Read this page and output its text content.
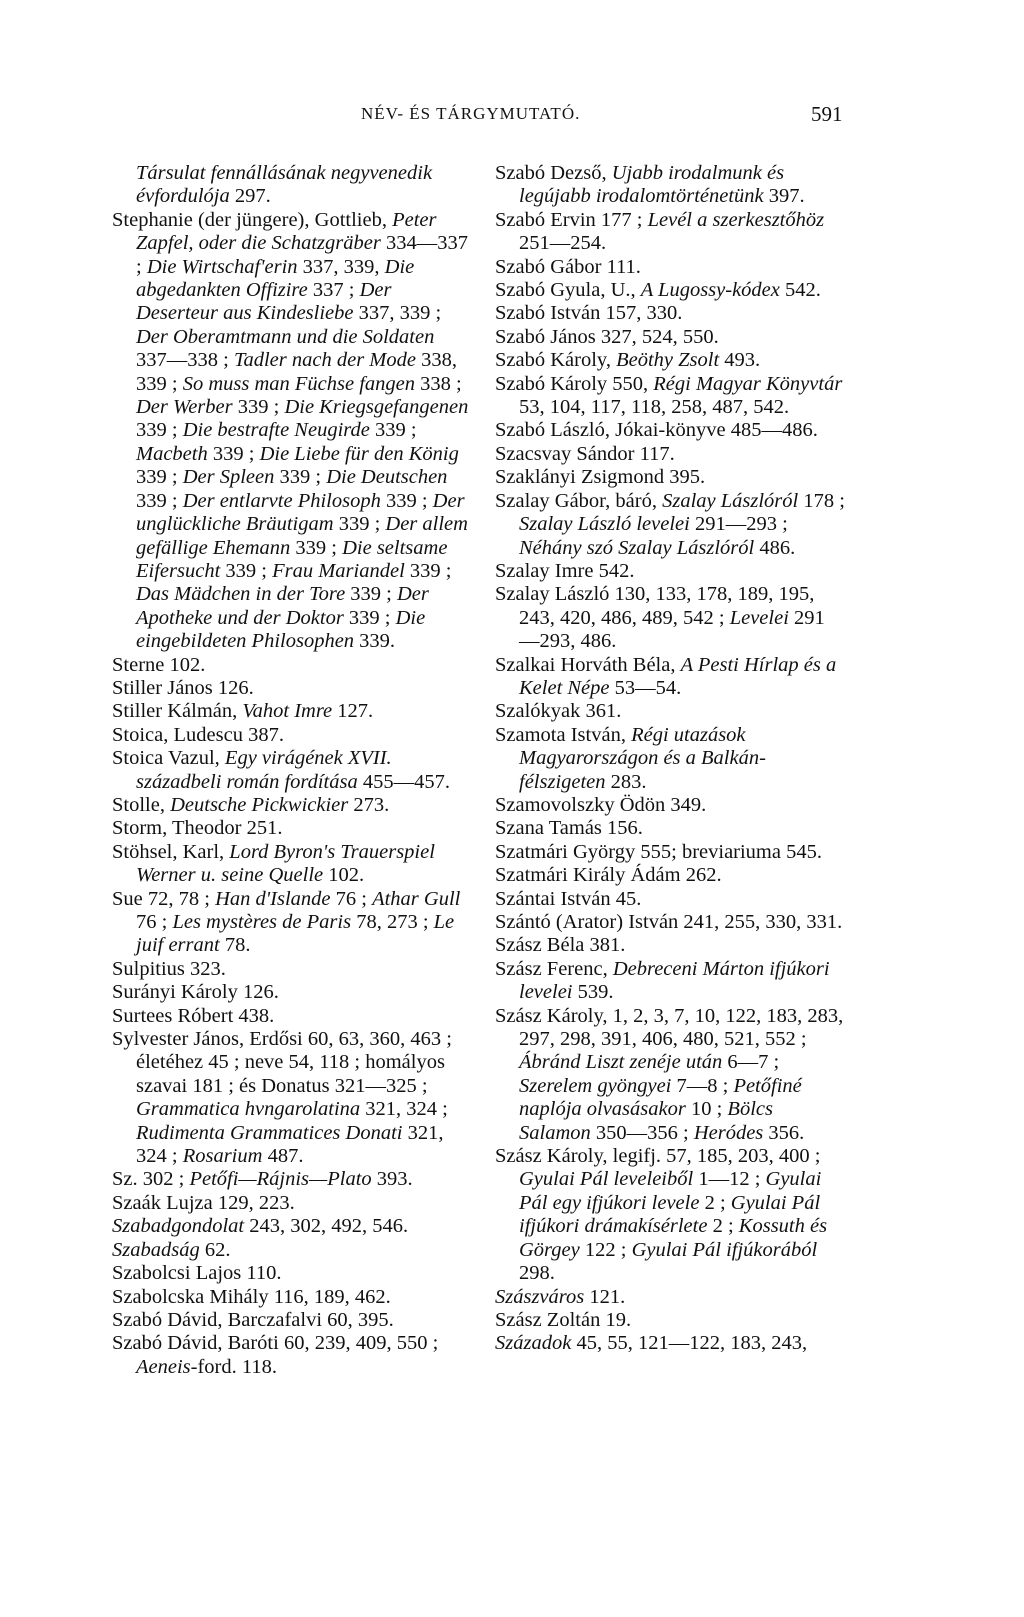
NÉV- ÉS TÁRGYMUTATÓ.	591

Társulat fennállásának negyvenedik évfordulója 297.

Stephanie (der jüngere), Gottlieb, Peter Zapfel, oder die Schatzgräber 334—337 ; Die Wirtschaf'erin 337, 339, Die abgedankten Offizire 337 ; Der Deserteur aus Kindesliebe 337, 339 ; Der Oberamtmann und die Soldaten 337—338 ; Tadler nach der Mode 338, 339 ; So muss man Füchse fangen 338 ; Der Werber 339 ; Die Kriegsgefangenen 339 ; Die bestrafte Neugirde 339 ; Macbeth 339 ; Die Liebe für den König 339 ; Der Spleen 339 ; Die Deutschen 339 ; Der entlarvte Philosoph 339 ; Der unglückliche Bräutigam 339 ; Der allem gefällige Ehemann 339 ; Die seltsame Eifersucht 339 ; Frau Mariandel 339 ; Das Mädchen in der Tore 339 ; Der Apotheke und der Doktor 339 ; Die eingebildeten Philosophen 339.

Sterne 102.

Stiller János 126.

Stiller Kálmán, Vahot Imre 127.

Stoica, Ludescu 387.

Stoica Vazul, Egy virágének XVII. századbeli román fordítása 455—457.

Stolle, Deutsche Pickwickier 273.

Storm, Theodor 251.

Stöhsel, Karl, Lord Byron's Trauerspiel Werner u. seine Quelle 102.

Sue 72, 78 ; Han d'Islande 76 ; Athar Gull 76 ; Les mystères de Paris 78, 273 ; Le juif errant 78.

Sulpitius 323.

Surányi Károly 126.

Surtees Róbert 438.

Sylvester János, Erdősi 60, 63, 360, 463 ; életéhez 45 ; neve 54, 118 ; homályos szavai 181 ; és Donatus 321—325 ; Grammatica hvngarolatina 321, 324 ; Rudimenta Grammatices Donati 321, 324 ; Rosarium 487.

Sz. 302 ; Petőfi—Rájnis—Plato 393.

Szaák Lujza 129, 223.

Szabadgondolat 243, 302, 492, 546.

Szabadság 62.

Szabolcsi Lajos 110.

Szabolcska Mihály 116, 189, 462.

Szabó Dávid, Barczafalvi 60, 395.

Szabó Dávid, Baróti 60, 239, 409, 550 ; Aeneis-ford. 118.

Szabó Dezső, Ujabb irodalmunk és legújabb irodalomtörténetünk 397.

Szabó Ervin 177 ; Levél a szerkesztőhöz 251—254.

Szabó Gábor 111.

Szabó Gyula, U., A Lugossy-kódex 542.

Szabó István 157, 330.

Szabó János 327, 524, 550.

Szabó Károly, Beöthy Zsolt 493.

Szabó Károly 550, Régi Magyar Könyvtár 53, 104, 117, 118, 258, 487, 542.

Szabó László, Jókai-könyve 485—486.

Szacsvay Sándor 117.

Szaklányi Zsigmond 395.

Szalay Gábor, báró, Szalay Lászlóról 178 ; Szalay László levelei 291—293 ; Néhány szó Szalay Lászlóról 486.

Szalay Imre 542.

Szalay László 130, 133, 178, 189, 195, 243, 420, 486, 489, 542 ; Levelei 291—293, 486.

Szalkai Horváth Béla, A Pesti Hírlap és a Kelet Népe 53—54.

Szalókyak 361.

Szamota István, Régi utazások Magyarországon és a Balkán-félszigeten 283.

Szamovolszky Ödön 349.

Szana Tamás 156.

Szatmári György 555; breviariuma 545.

Szatmári Király Ádám 262.

Szántai István 45.

Szántó (Arator) István 241, 255, 330, 331.

Szász Béla 381.

Szász Ferenc, Debreceni Márton ifjúkori levelei 539.

Szász Károly, 1, 2, 3, 7, 10, 122, 183, 283, 297, 298, 391, 406, 480, 521, 552 ; Ábránd Liszt zenéje után 6—7 ; Szerelem gyöngyei 7—8 ; Petőfiné naplója olvasásakor 10 ; Bölcs Salamon 350—356 ; Heródes 356.

Szász Károly, legifj. 57, 185, 203, 400 ; Gyulai Pál leveleiből 1—12 ; Gyulai Pál egy ifjúkori levele 2 ; Gyulai Pál ifjúkori drámakísérlete 2 ; Kossuth és Görgey 122 ; Gyulai Pál ifjúkorából 298.

Szászváros 121.

Szász Zoltán 19.

Századok 45, 55, 121—122, 183, 243,
